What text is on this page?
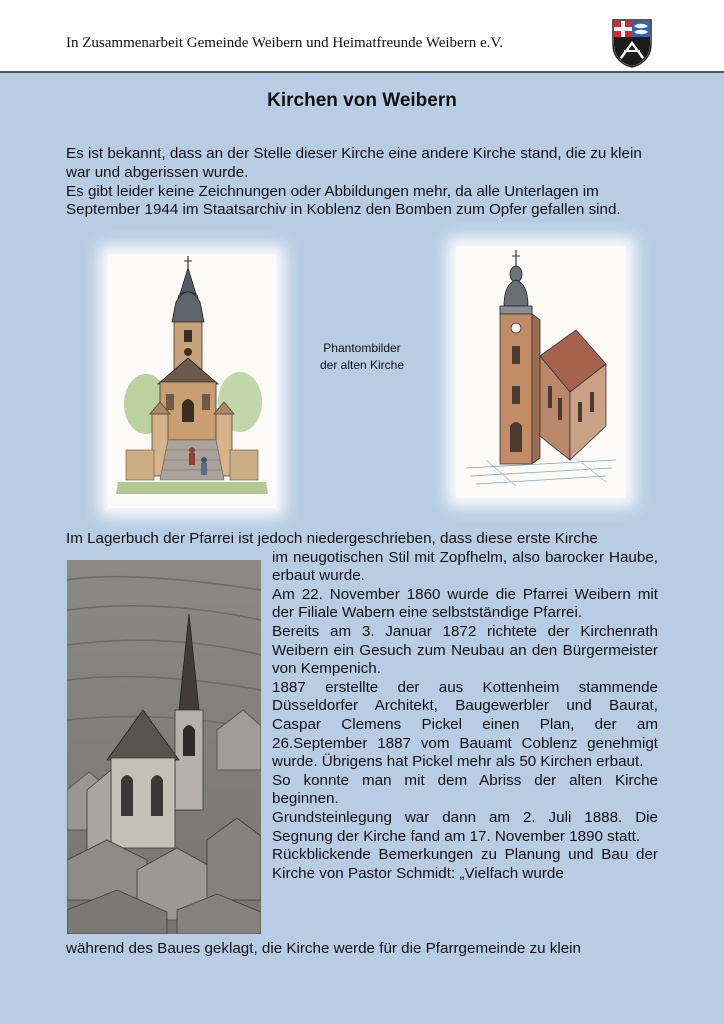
In Zusammenarbeit Gemeinde Weibern und Heimatfreunde Weibern e.V.
Kirchen von Weibern

Es ist bekannt, dass an der Stelle dieser Kirche eine andere Kirche stand, die zu klein war und abgerissen wurde.

Es gibt leider keine Zeichnungen oder Abbildungen mehr, da alle Unterlagen im September 1944 im Staatsarchiv in Koblenz den Bomben zum Opfer gefallen sind.

Phantombilder
der alten Kirche
Im Lagerbuch der Pfarrei ist jedoch niedergeschrieben, dass diese erste Kirche

im neugotischen Stil mit Zopfhelm, also barocker Haube, erbaut wurde.

Am 22. November 1860 wurde die Pfarrei Weibern mit der Filiale Wabern eine selbstständige Pfarrei.

Bereits am 3. Januar 1872 richtete der Kirchenrath Weibern ein Gesuch zum Neubau an den Bürgermeister von Kempenich.

1887 erstellte der aus Kottenheim stammende Düsseldorfer Architekt, Baugewerbler und Baurat, Caspar Clemens Pickel einen Plan, der am 26.September 1887 vom Bauamt Coblenz genehmigt wurde. Übrigens hat Pickel mehr als 50 Kirchen erbaut.

So konnte man mit dem Abriss der alten Kirche beginnen.

Grundsteinlegung war dann am 2. Juli 1888. Die Segnung der Kirche fand am 17. November 1890 statt.

Rückblickende Bemerkungen zu Planung und Bau der Kirche von Pastor Schmidt: „Vielfach wurde

während des Baues geklagt, die Kirche werde für die Pfarrgemeinde zu klein
